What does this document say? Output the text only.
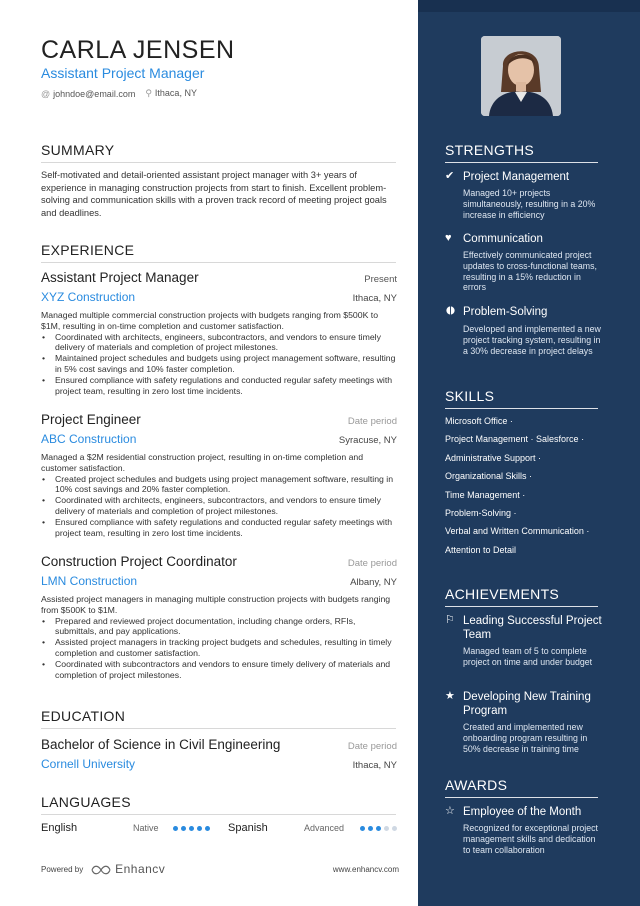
CARLA JENSEN
Assistant Project Manager
@ johndoe@email.com ⚲ Ithaca, NY
SUMMARY
Self-motivated and detail-oriented assistant project manager with 3+ years of experience in managing construction projects from start to finish. Excellent problem-solving and communication skills with a proven track record of meeting project goals and deadlines.
EXPERIENCE
Assistant Project Manager	Present
XYZ Construction	Ithaca, NY
Managed multiple commercial construction projects with budgets ranging from $500K to $1M, resulting in on-time completion and customer satisfaction.
• Coordinated with architects, engineers, subcontractors, and vendors to ensure timely delivery of materials and completion of project milestones.
• Maintained project schedules and budgets using project management software, resulting in 5% cost savings and 10% faster completion.
• Ensured compliance with safety regulations and conducted regular safety meetings with project team, resulting in zero lost time incidents.
Project Engineer	Date period
ABC Construction	Syracuse, NY
Managed a $2M residential construction project, resulting in on-time completion and customer satisfaction.
• Created project schedules and budgets using project management software, resulting in 10% cost savings and 20% faster completion.
• Coordinated with architects, engineers, subcontractors, and vendors to ensure timely delivery of materials and completion of project milestones.
• Ensured compliance with safety regulations and conducted regular safety meetings with project team, resulting in zero lost time incidents.
Construction Project Coordinator	Date period
LMN Construction	Albany, NY
Assisted project managers in managing multiple construction projects with budgets ranging from $500K to $1M.
• Prepared and reviewed project documentation, including change orders, RFIs, submittals, and pay applications.
• Assisted project managers in tracking project budgets and schedules, resulting in timely completion and customer satisfaction.
• Coordinated with subcontractors and vendors to ensure timely delivery of materials and completion of project milestones.
EDUCATION
Bachelor of Science in Civil Engineering	Date period
Cornell University	Ithaca, NY
LANGUAGES
English	Native	Spanish	Advanced
Powered by	Enhancv	www.enhancv.com
STRENGTHS
✔ Project Management
Managed 10+ projects simultaneously, resulting in a 20% increase in efficiency
♥ Communication
Effectively communicated project updates to cross-functional teams, resulting in a 15% reduction in errors
Problem-Solving
Developed and implemented a new project tracking system, resulting in a 30% decrease in project delays
SKILLS
Microsoft Office ·
Project Management · Salesforce ·
Administrative Support ·
Organizational Skills ·
Time Management ·
Problem-Solving ·
Verbal and Written Communication ·
Attention to Detail
ACHIEVEMENTS
⚐ Leading Successful Project Team
Managed team of 5 to complete project on time and under budget
★ Developing New Training Program
Created and implemented new onboarding program resulting in 50% decrease in training time
AWARDS
☆ Employee of the Month
Recognized for exceptional project management skills and dedication to team collaboration
